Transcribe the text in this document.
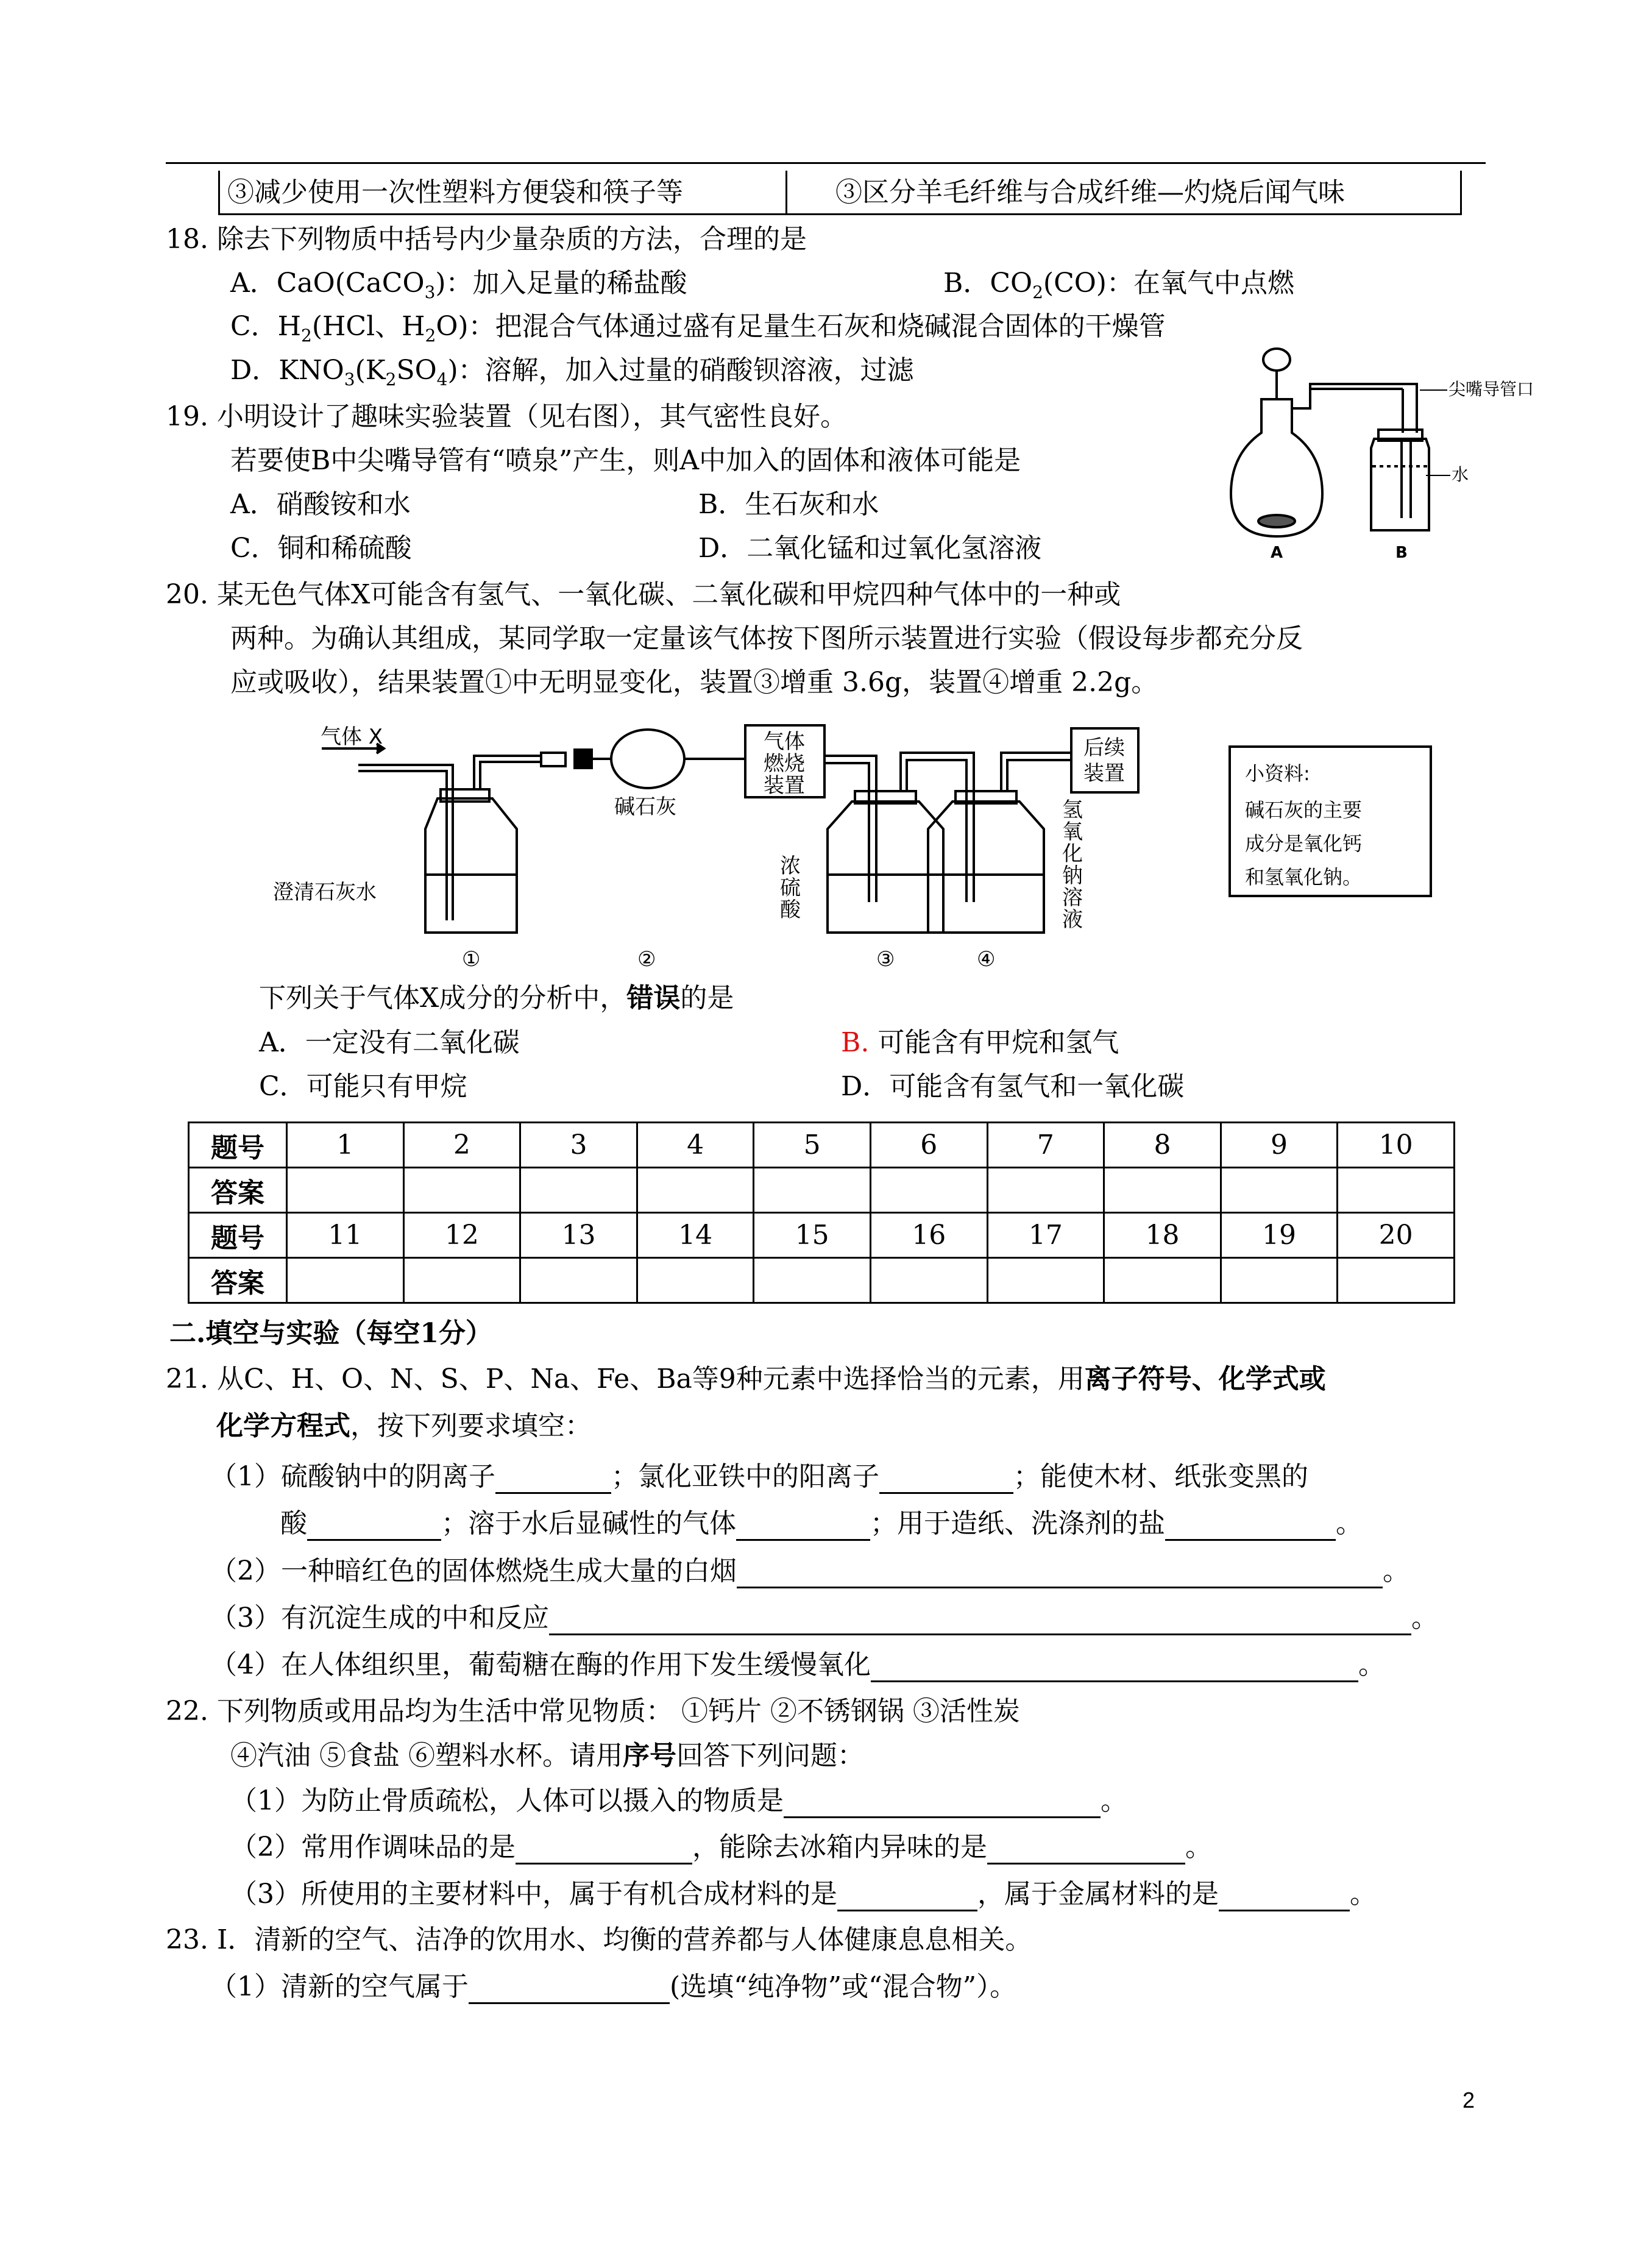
③减少使用一次性塑料方便袋和筷子等	③区分羊毛纤维与合成纤维—灼烧后闻气味
18. 除去下列物质中括号内少量杂质的方法，合理的是
A．CaO(CaCO$_3$)：加入足量的稀盐酸	B．$CO_2(CO)$：在氧气中点燃
C．$H_2(HCl$、$H_2O$)：把混合气体通过盛有足量生石灰和烧碱混合固体的干燥管
D．$KNO_3(K_2SO_4)$：溶解，加入过量的硝酸钡溶液，过滤
19. 小明设计了趣味实验装置（见右图），其气密性良好。
若要使B中尖嘴导管有“喷泉”产生，则A中加入的固体和液体可能是
A．硝酸铵和水	B．生石灰和水
C．铜和稀硫酸	D．二氧化锰和过氧化氢溶液
尖嘴导管口
水
A	B
20. 某无色气体X可能含有氢气、一氧化碳、二氧化碳和甲烷四种气体中的一种或
两种。为确认其组成，某同学取一定量该气体按下图所示装置进行实验（假设每步都充分反
应或吸收），结果装置①中无明显变化，装置③增重 3.6g，装置④增重 2.2g。
气体 X
澄清石灰水
碱石灰
气体
燃烧
装置
浓
硫
酸
氢
氧
化
钠
溶
液
后续
装置
①	②	③	④
小资料:
碱石灰的主要
成分是氧化钙
和氢氧化钠。
下列关于气体X成分的分析中，错误的是
A．一定没有二氧化碳	B. 可能含有甲烷和氢气
C．可能只有甲烷	D．可能含有氢气和一氧化碳
题号	1	2	3	4	5	6	7	8	9	10
答案										
题号	11	12	13	14	15	16	17	18	19	20
答案										
二.填空与实验（每空1分）
21. 从C、H、O、N、S、P、Na、Fe、Ba等9种元素中选择恰当的元素，用离子符号、化学式或
化学方程式，按下列要求填空：
（1）硫酸钠中的阴离子	；氯化亚铁中的阳离子	；能使木材、纸张变黑的
酸	；溶于水后显碱性的气体	；用于造纸、洗涤剂的盐	。
（2）一种暗红色的固体燃烧生成大量的白烟	。
（3）有沉淀生成的中和反应	。
（4）在人体组织里，葡萄糖在酶的作用下发生缓慢氧化	。
22. 下列物质或用品均为生活中常见物质： ①钙片 ②不锈钢锅 ③活性炭
④汽油 ⑤食盐 ⑥塑料水杯。请用序号回答下列问题：
（1）为防止骨质疏松，人体可以摄入的物质是	。
（2）常用作调味品的是	，能除去冰箱内异味的是	。
（3）所使用的主要材料中，属于有机合成材料的是	，属于金属材料的是	。
23. Ⅰ．清新的空气、洁净的饮用水、均衡的营养都与人体健康息息相关。
（1）清新的空气属于	(选填“纯净物”或“混合物”）。
2
